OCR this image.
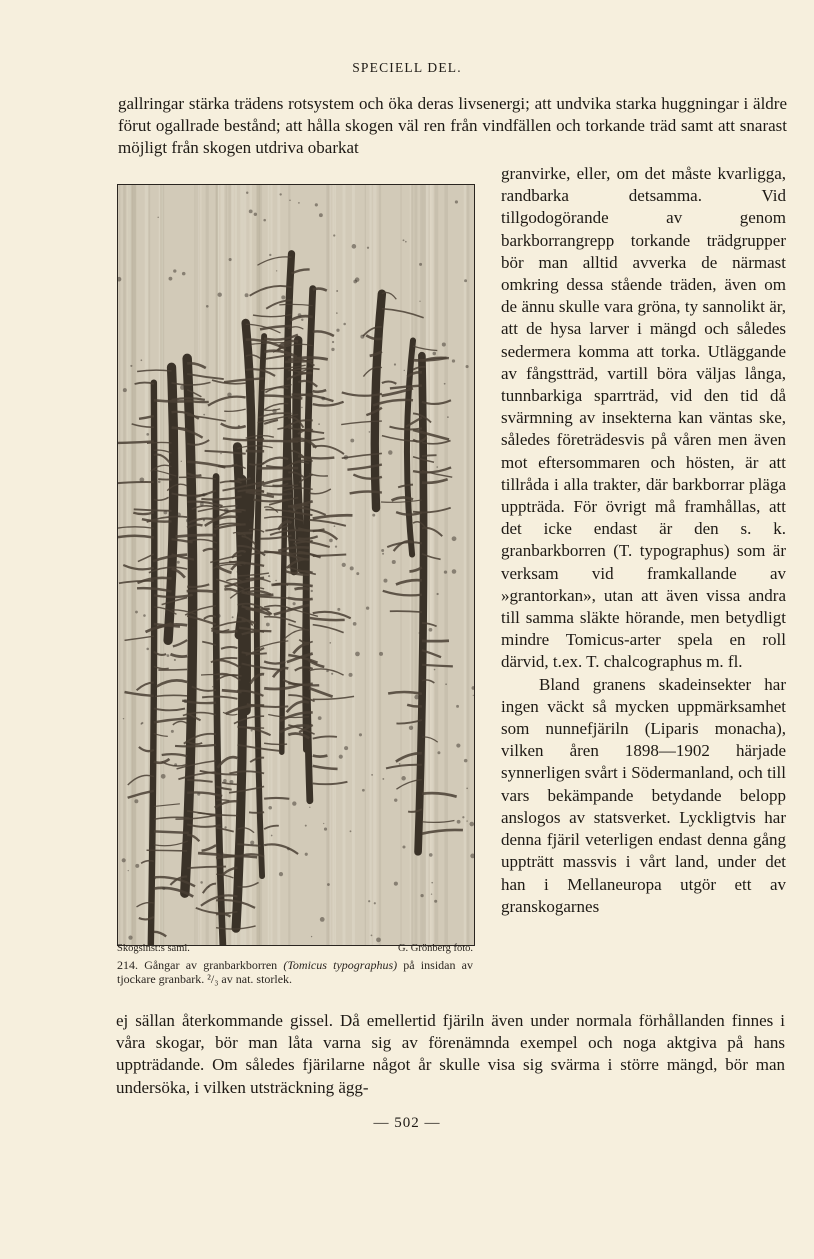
SPECIELL DEL.

gallringar stärka trädens rotsystem och öka deras livsenergi; att undvika starka huggningar i äldre förut ogallrade bestånd; att hålla skogen väl ren från vindfällen och torkande träd samt att snarast möjligt från skogen utdriva obarkat

Skogsinst:s saml.	G. Grönberg foto.
214. Gångar av granbarkborren (Tomicus typographus) på insidan av tjockare granbark. ²/₃ av nat. storlek.

granvirke, eller, om det måste kvarligga, randbarka detsamma. Vid tillgodogörande av genom barkborrangrepp torkande trädgrupper bör man alltid avverka de närmast omkring dessa stående träden, även om de ännu skulle vara gröna, ty sannolikt är, att de hysa larver i mängd och således sedermera komma att torka. Utläggande av fångstträd, vartill böra väljas långa, tunnbarkiga sparrträd, vid den tid då svärmning av insekterna kan väntas ske, således företrädesvis på våren men även mot eftersommaren och hösten, är att tillråda i alla trakter, där barkborrar pläga uppträda. För övrigt må framhållas, att det icke endast är den s. k. granbarkborren (T. typographus) som är verksam vid framkallande av »grantorkan», utan att även vissa andra till samma släkte hörande, men betydligt mindre Tomicus-arter spela en roll därvid, t.ex. T. chalcographus m. fl.

Bland granens skadeinsekter har ingen väckt så mycken uppmärksamhet som nunnefjäriln (Liparis monacha), vilken åren 1898—1902 härjade synnerligen svårt i Södermanland, och till vars bekämpande betydande belopp anslogos av statsverket. Lyckligtvis har denna fjäril veterligen endast denna gång uppträtt massvis i vårt land, under det han i Mellaneuropa utgör ett av granskogarnes

ej sällan återkommande gissel. Då emellertid fjäriln även under normala förhållanden finnes i våra skogar, bör man låta varna sig av förenämnda exempel och noga aktgiva på hans uppträdande. Om således fjärilarne något år skulle visa sig svärma i större mängd, bör man undersöka, i vilken utsträckning ägg-

— 502 —
